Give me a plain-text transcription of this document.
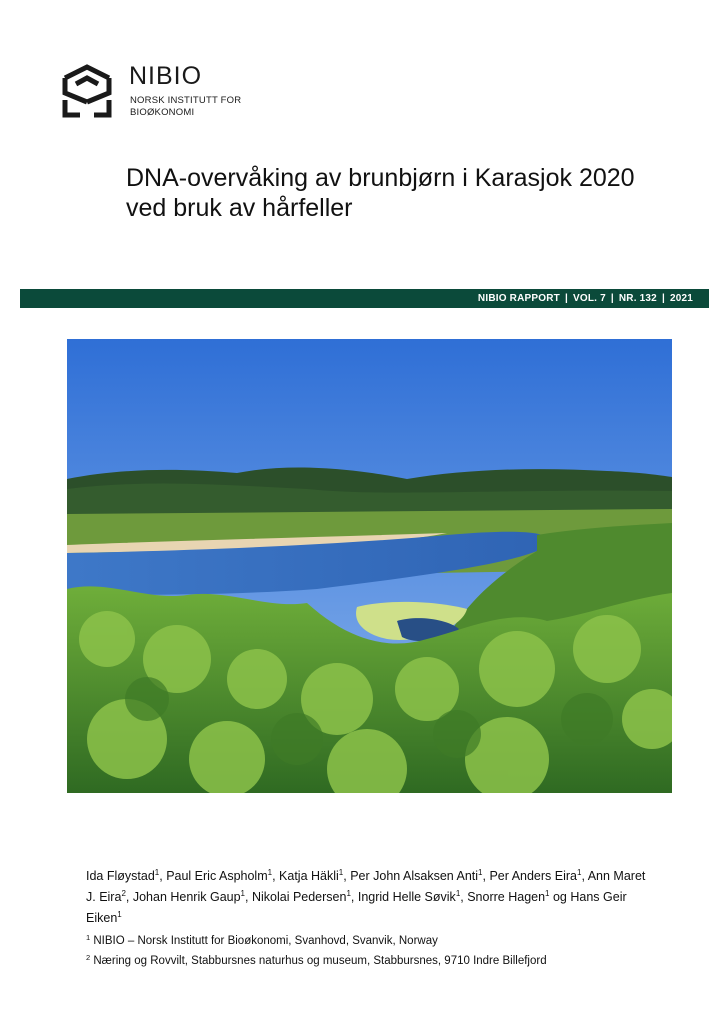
NIBIO
NORSK INSTITUTT FOR
BIOØKONOMI
DNA-overvåking av brunbjørn i Karasjok 2020
ved bruk av hårfeller
NIBIO RAPPORT | VOL. 7 | NR. 132 | 2021
Ida Fløystad$^1$, Paul Eric Aspholm$^1$, Katja Häkli$^1$, Per John Alsaksen Anti$^1$, Per Anders Eira$^1$, Ann Maret J. Eira$^2$, Johan Henrik Gaup$^1$, Nikolai Pedersen$^1$, Ingrid Helle Søvik$^1$, Snorre Hagen$^1$ og Hans Geir Eiken$^1$
$^1$ NIBIO – Norsk Institutt for Bioøkonomi, Svanhovd, Svanvik, Norway
$^2$ Næring og Rovvilt, Stabbursnes naturhus og museum, Stabbursnes, 9710 Indre Billefjord
